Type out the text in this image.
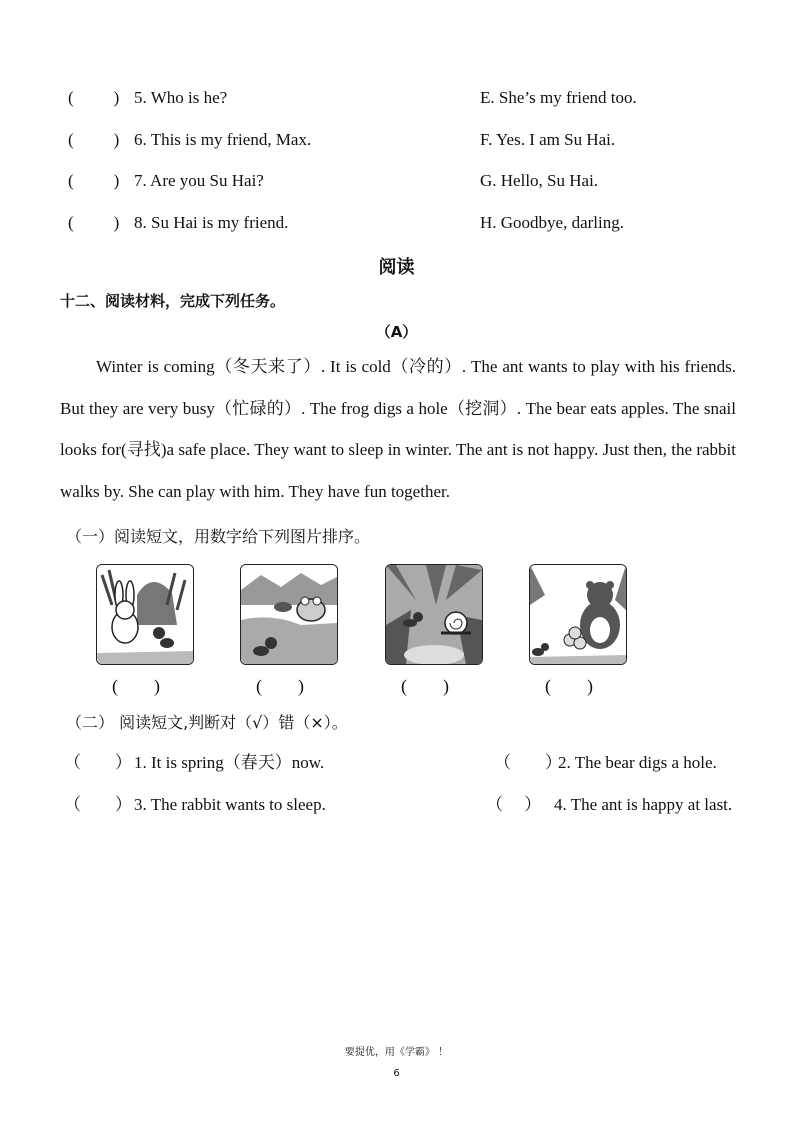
( ) 5. Who is he?	E. She’s my friend too.
( ) 6. This is my friend, Max.	F. Yes. I am Su Hai.
( ) 7. Are you Su Hai?	G. Hello, Su Hai.
( ) 8. Su Hai is my friend.	H. Goodbye, darling.
阅读
十二、阅读材料，完成下列任务。
（A）

Winter is coming（冬天来了）. It is cold（冷的）. The ant wants to play with his friends. But they are very busy（忙碌的）. The frog digs a hole（挖洞）. The bear eats apples. The snail looks for(寻找)a safe place. They want to sleep in winter. The ant is not happy. Just then, the rabbit walks by. She can play with him. They have fun together.

（一）阅读短文，用数字给下列图片排序。
(　　)	(　　)	(　　)	(　　)
（二） 阅读短文,判断对（√）错（×）。
（　　） 1. It is spring（春天）now.	（　　）2. The bear digs a hole.
（　　） 3. The rabbit wants to sleep.	（　 ） 4. The ant is happy at last.
要提优，用《学霸》 ！
6
